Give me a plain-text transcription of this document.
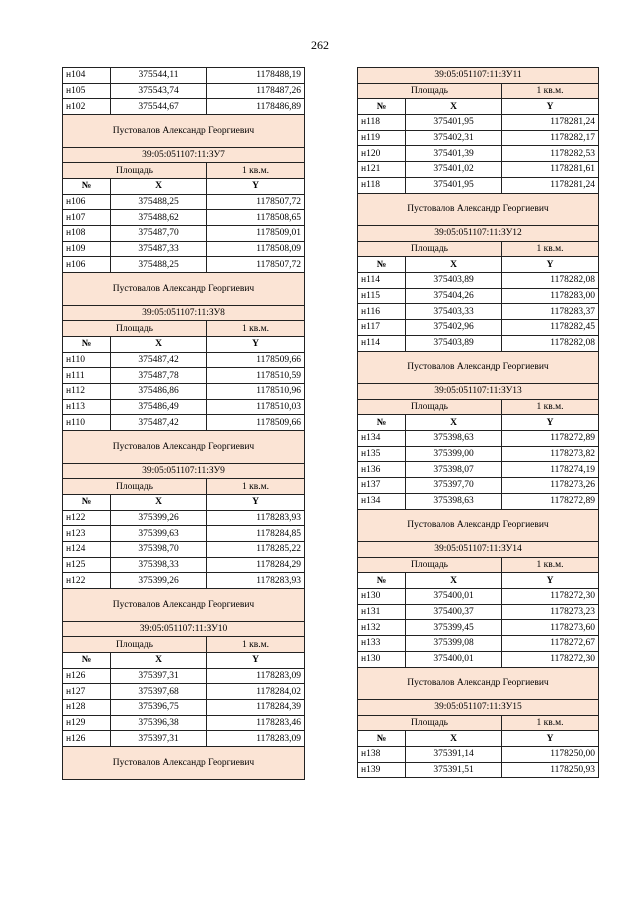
262
н104	375544,11	1178488,19
н105	375543,74	1178487,26
н102	375544,67	1178486,89
Пустовалов Александр Георгиевич		
39:05:051107:11:ЗУ7		
Площадь		1 кв.м.
№	X	Y
н106	375488,25	1178507,72
н107	375488,62	1178508,65
н108	375487,70	1178509,01
н109	375487,33	1178508,09
н106	375488,25	1178507,72
Пустовалов Александр Георгиевич		
39:05:051107:11:ЗУ8		
Площадь		1 кв.м.
№	X	Y
н110	375487,42	1178509,66
н111	375487,78	1178510,59
н112	375486,86	1178510,96
н113	375486,49	1178510,03
н110	375487,42	1178509,66
Пустовалов Александр Георгиевич		
39:05:051107:11:ЗУ9		
Площадь		1 кв.м.
№	X	Y
н122	375399,26	1178283,93
н123	375399,63	1178284,85
н124	375398,70	1178285,22
н125	375398,33	1178284,29
н122	375399,26	1178283,93
Пустовалов Александр Георгиевич		
39:05:051107:11:ЗУ10		
Площадь		1 кв.м.
№	X	Y
н126	375397,31	1178283,09
н127	375397,68	1178284,02
н128	375396,75	1178284,39
н129	375396,38	1178283,46
н126	375397,31	1178283,09
Пустовалов Александр Георгиевич		
39:05:051107:11:ЗУ11		
Площадь		1 кв.м.
№	X	Y
н118	375401,95	1178281,24
н119	375402,31	1178282,17
н120	375401,39	1178282,53
н121	375401,02	1178281,61
н118	375401,95	1178281,24
Пустовалов Александр Георгиевич		
39:05:051107:11:ЗУ12		
Площадь		1 кв.м.
№	X	Y
н114	375403,89	1178282,08
н115	375404,26	1178283,00
н116	375403,33	1178283,37
н117	375402,96	1178282,45
н114	375403,89	1178282,08
Пустовалов Александр Георгиевич		
39:05:051107:11:ЗУ13		
Площадь		1 кв.м.
№	X	Y
н134	375398,63	1178272,89
н135	375399,00	1178273,82
н136	375398,07	1178274,19
н137	375397,70	1178273,26
н134	375398,63	1178272,89
Пустовалов Александр Георгиевич		
39:05:051107:11:ЗУ14		
Площадь		1 кв.м.
№	X	Y
н130	375400,01	1178272,30
н131	375400,37	1178273,23
н132	375399,45	1178273,60
н133	375399,08	1178272,67
н130	375400,01	1178272,30
Пустовалов Александр Георгиевич		
39:05:051107:11:ЗУ15		
Площадь		1 кв.м.
№	X	Y
н138	375391,14	1178250,00
н139	375391,51	1178250,93
